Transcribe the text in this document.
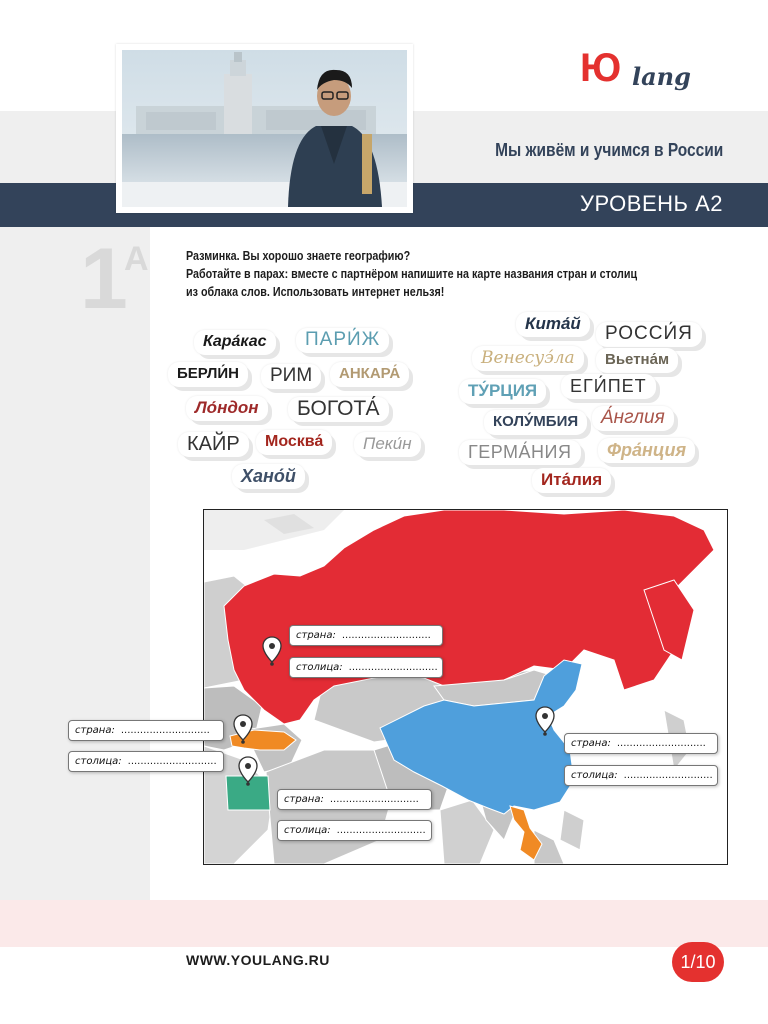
Ю lang
Мы живём и учимся в России
УРОВЕНЬ А2
1
А	Разминка. Вы хорошо знаете географию?
Работайте в парах: вместе с партнёром напишите на карте названия стран и столиц
из облака слов. Использовать интернет нельзя!
Кара́кас	ПАРИ́Ж
БЕРЛИ́Н	РИМ	АНКАРА́
Ло́ндон	БОГОТА́
КАЙР	Москва́	Пеки́н
Хано́й
Кита́й	РОССИ́Я
Венесуэ́ла	Вьетна́м
ТУ́РЦИЯ	ЕГИ́ПЕТ
КОЛУ́МБИЯ	А́нглия
ГЕРМА́НИЯ	Фра́нция
Ита́лия
страна: ............................
столица: ............................
страна: ............................
столица: ............................
страна: ............................
столица: ............................
страна: ............................
столица: ............................
WWW.YOULANG.RU	1/10
